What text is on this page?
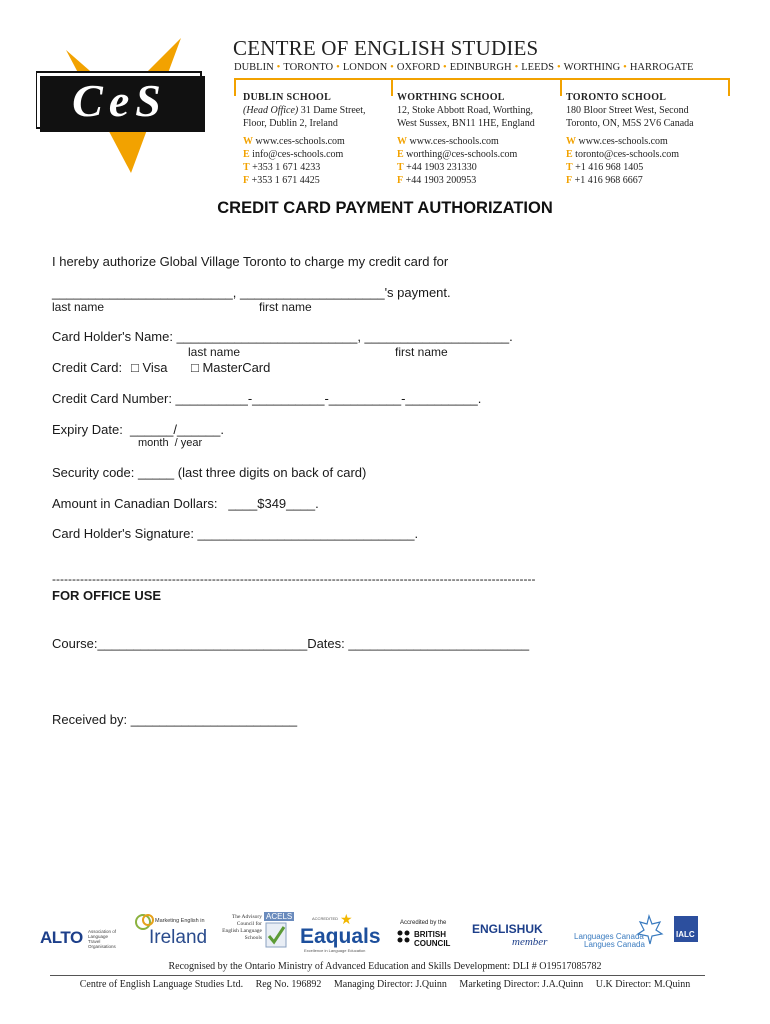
CeS
CENTRE OF ENGLISH STUDIES
DUBLIN • TORONTO • LONDON • OXFORD • EDINBURGH • LEEDS • WORTHING • HARROGATE
DUBLIN SCHOOL
(Head Office) 31 Dame Street,
Floor, Dublin 2, Ireland
W www.ces-schools.com
E info@ces-schools.com
T +353 1 671 4233
F +353 1 671 4425
WORTHING SCHOOL
12, Stoke Abbott Road, Worthing,
West Sussex, BN11 1HE, England
W www.ces-schools.com
E worthing@ces-schools.com
T +44 1903 231330
F +44 1903 200953
TORONTO SCHOOL
180 Bloor Street West, Second
Toronto, ON, M5S 2V6 Canada
W www.ces-schools.com
E toronto@ces-schools.com
T +1 416 968 1405
F +1 416 968 6667
CREDIT CARD PAYMENT AUTHORIZATION
I hereby authorize Global Village Toronto to charge my credit card for
_________________________, ____________________'s payment.
last name	first name
Card Holder's Name: _________________________, ____________________.
last name	first name
Credit Card: □ Visa □ MasterCard
Credit Card Number: __________-__________-__________-__________.
Expiry Date:  ______/______.
month  / year
Security code: _____ (last three digits on back of card)
Amount in Canadian Dollars:   ____$349____.
Card Holder's Signature: ______________________________.
-------------------------------------------------------------------------------------------------------------------------
FOR OFFICE USE
Course:_____________________________Dates: _________________________
Received by: _______________________
ALTO Association of Language Travel Organisations
Marketing English in
Ireland
The Advisory Council for English Language Schools
ACELS	ACCREDITED ★
Eaquals
Excellence in Language Education
Accredited by the
BRITISH
COUNCIL
ENGLISHUK
member	Languages Canada
Langues Canada
IALC
Recognised by the Ontario Ministry of Advanced Education and Skills Development: DLI # O19517085782
Centre of English Language Studies Ltd.     Reg No. 196892     Managing Director: J.Quinn     Marketing Director: J.A.Quinn     U.K Director: M.Quinn
